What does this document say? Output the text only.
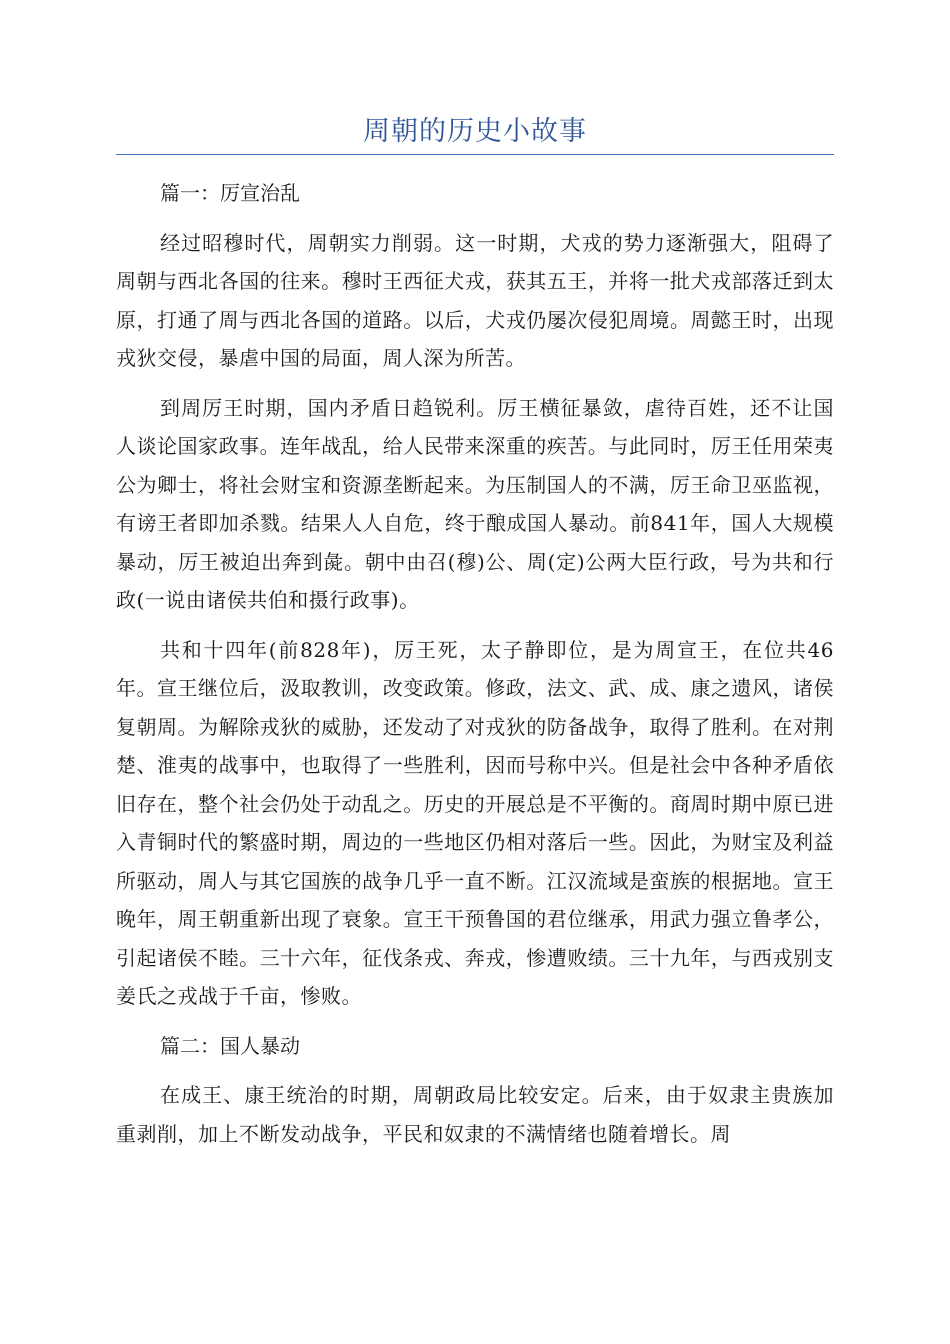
周朝的历史小故事

篇一：厉宣治乱

经过昭穆时代，周朝实力削弱。这一时期，犬戎的势力逐渐强大，阻碍了周朝与西北各国的往来。穆时王西征犬戎，获其五王，并将一批犬戎部落迁到太原，打通了周与西北各国的道路。以后，犬戎仍屡次侵犯周境。周懿王时，出现戎狄交侵，暴虐中国的局面，周人深为所苦。

到周厉王时期，国内矛盾日趋锐利。厉王横征暴敛，虐待百姓，还不让国人谈论国家政事。连年战乱，给人民带来深重的疾苦。与此同时，厉王任用荣夷公为卿士，将社会财宝和资源垄断起来。为压制国人的不满，厉王命卫巫监视，有谤王者即加杀戮。结果人人自危，终于酿成国人暴动。前841年，国人大规模暴动，厉王被迫出奔到彘。朝中由召(穆)公、周(定)公两大臣行政，号为共和行政(一说由诸侯共伯和摄行政事)。

共和十四年(前828年)，厉王死，太子静即位，是为周宣王，在位共46年。宣王继位后，汲取教训，改变政策。修政，法文、武、成、康之遗风，诸侯复朝周。为解除戎狄的威胁，还发动了对戎狄的防备战争，取得了胜利。在对荆楚、淮夷的战事中，也取得了一些胜利，因而号称中兴。但是社会中各种矛盾依旧存在，整个社会仍处于动乱之。历史的开展总是不平衡的。商周时期中原已进入青铜时代的繁盛时期，周边的一些地区仍相对落后一些。因此，为财宝及利益所驱动，周人与其它国族的战争几乎一直不断。江汉流域是蛮族的根据地。宣王晚年，周王朝重新出现了衰象。宣王干预鲁国的君位继承，用武力强立鲁孝公，引起诸侯不睦。三十六年，征伐条戎、奔戎，惨遭败绩。三十九年，与西戎别支姜氏之戎战于千亩，惨败。

篇二：国人暴动

在成王、康王统治的时期，周朝政局比较安定。后来，由于奴隶主贵族加重剥削，加上不断发动战争，平民和奴隶的不满情绪也随着增长。周
